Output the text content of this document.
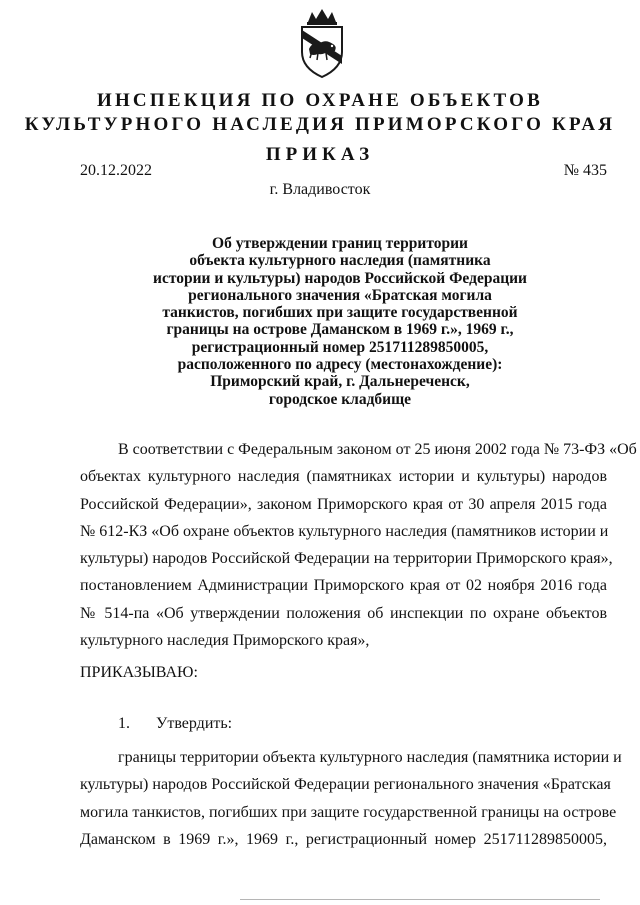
ИНСПЕКЦИЯ ПО ОХРАНЕ ОБЪЕКТОВ
КУЛЬТУРНОГО НАСЛЕДИЯ ПРИМОРСКОГО КРАЯ
ПРИКАЗ
20.12.2022	№ 435
г. Владивосток
Об утверждении границ территории
объекта культурного наследия (памятника
истории и культуры) народов Российской Федерации
регионального значения «Братская могила
танкистов, погибших при защите государственной
границы на острове Даманском в 1969 г.», 1969 г.,
регистрационный номер 251711289850005,
расположенного по адресу (местонахождение):
Приморский край, г. Дальнереченск,
городское кладбище
В соответствии с Федеральным законом от 25 июня 2002 года № 73-ФЗ «Об
объектах культурного наследия (памятниках истории и культуры) народов
Российской Федерации», законом Приморского края от 30 апреля 2015 года
№ 612-КЗ «Об охране объектов культурного наследия (памятников истории и
культуры) народов Российской Федерации на территории Приморского края»,
постановлением Администрации Приморского края от 02 ноября 2016 года
№ 514-па «Об утверждении положения об инспекции по охране объектов
культурного наследия Приморского края»,
ПРИКАЗЫВАЮ:
1. Утвердить:
границы территории объекта культурного наследия (памятника истории и
культуры) народов Российской Федерации регионального значения «Братская
могила танкистов, погибших при защите государственной границы на острове
Даманском в 1969 г.», 1969 г., регистрационный номер 251711289850005,
